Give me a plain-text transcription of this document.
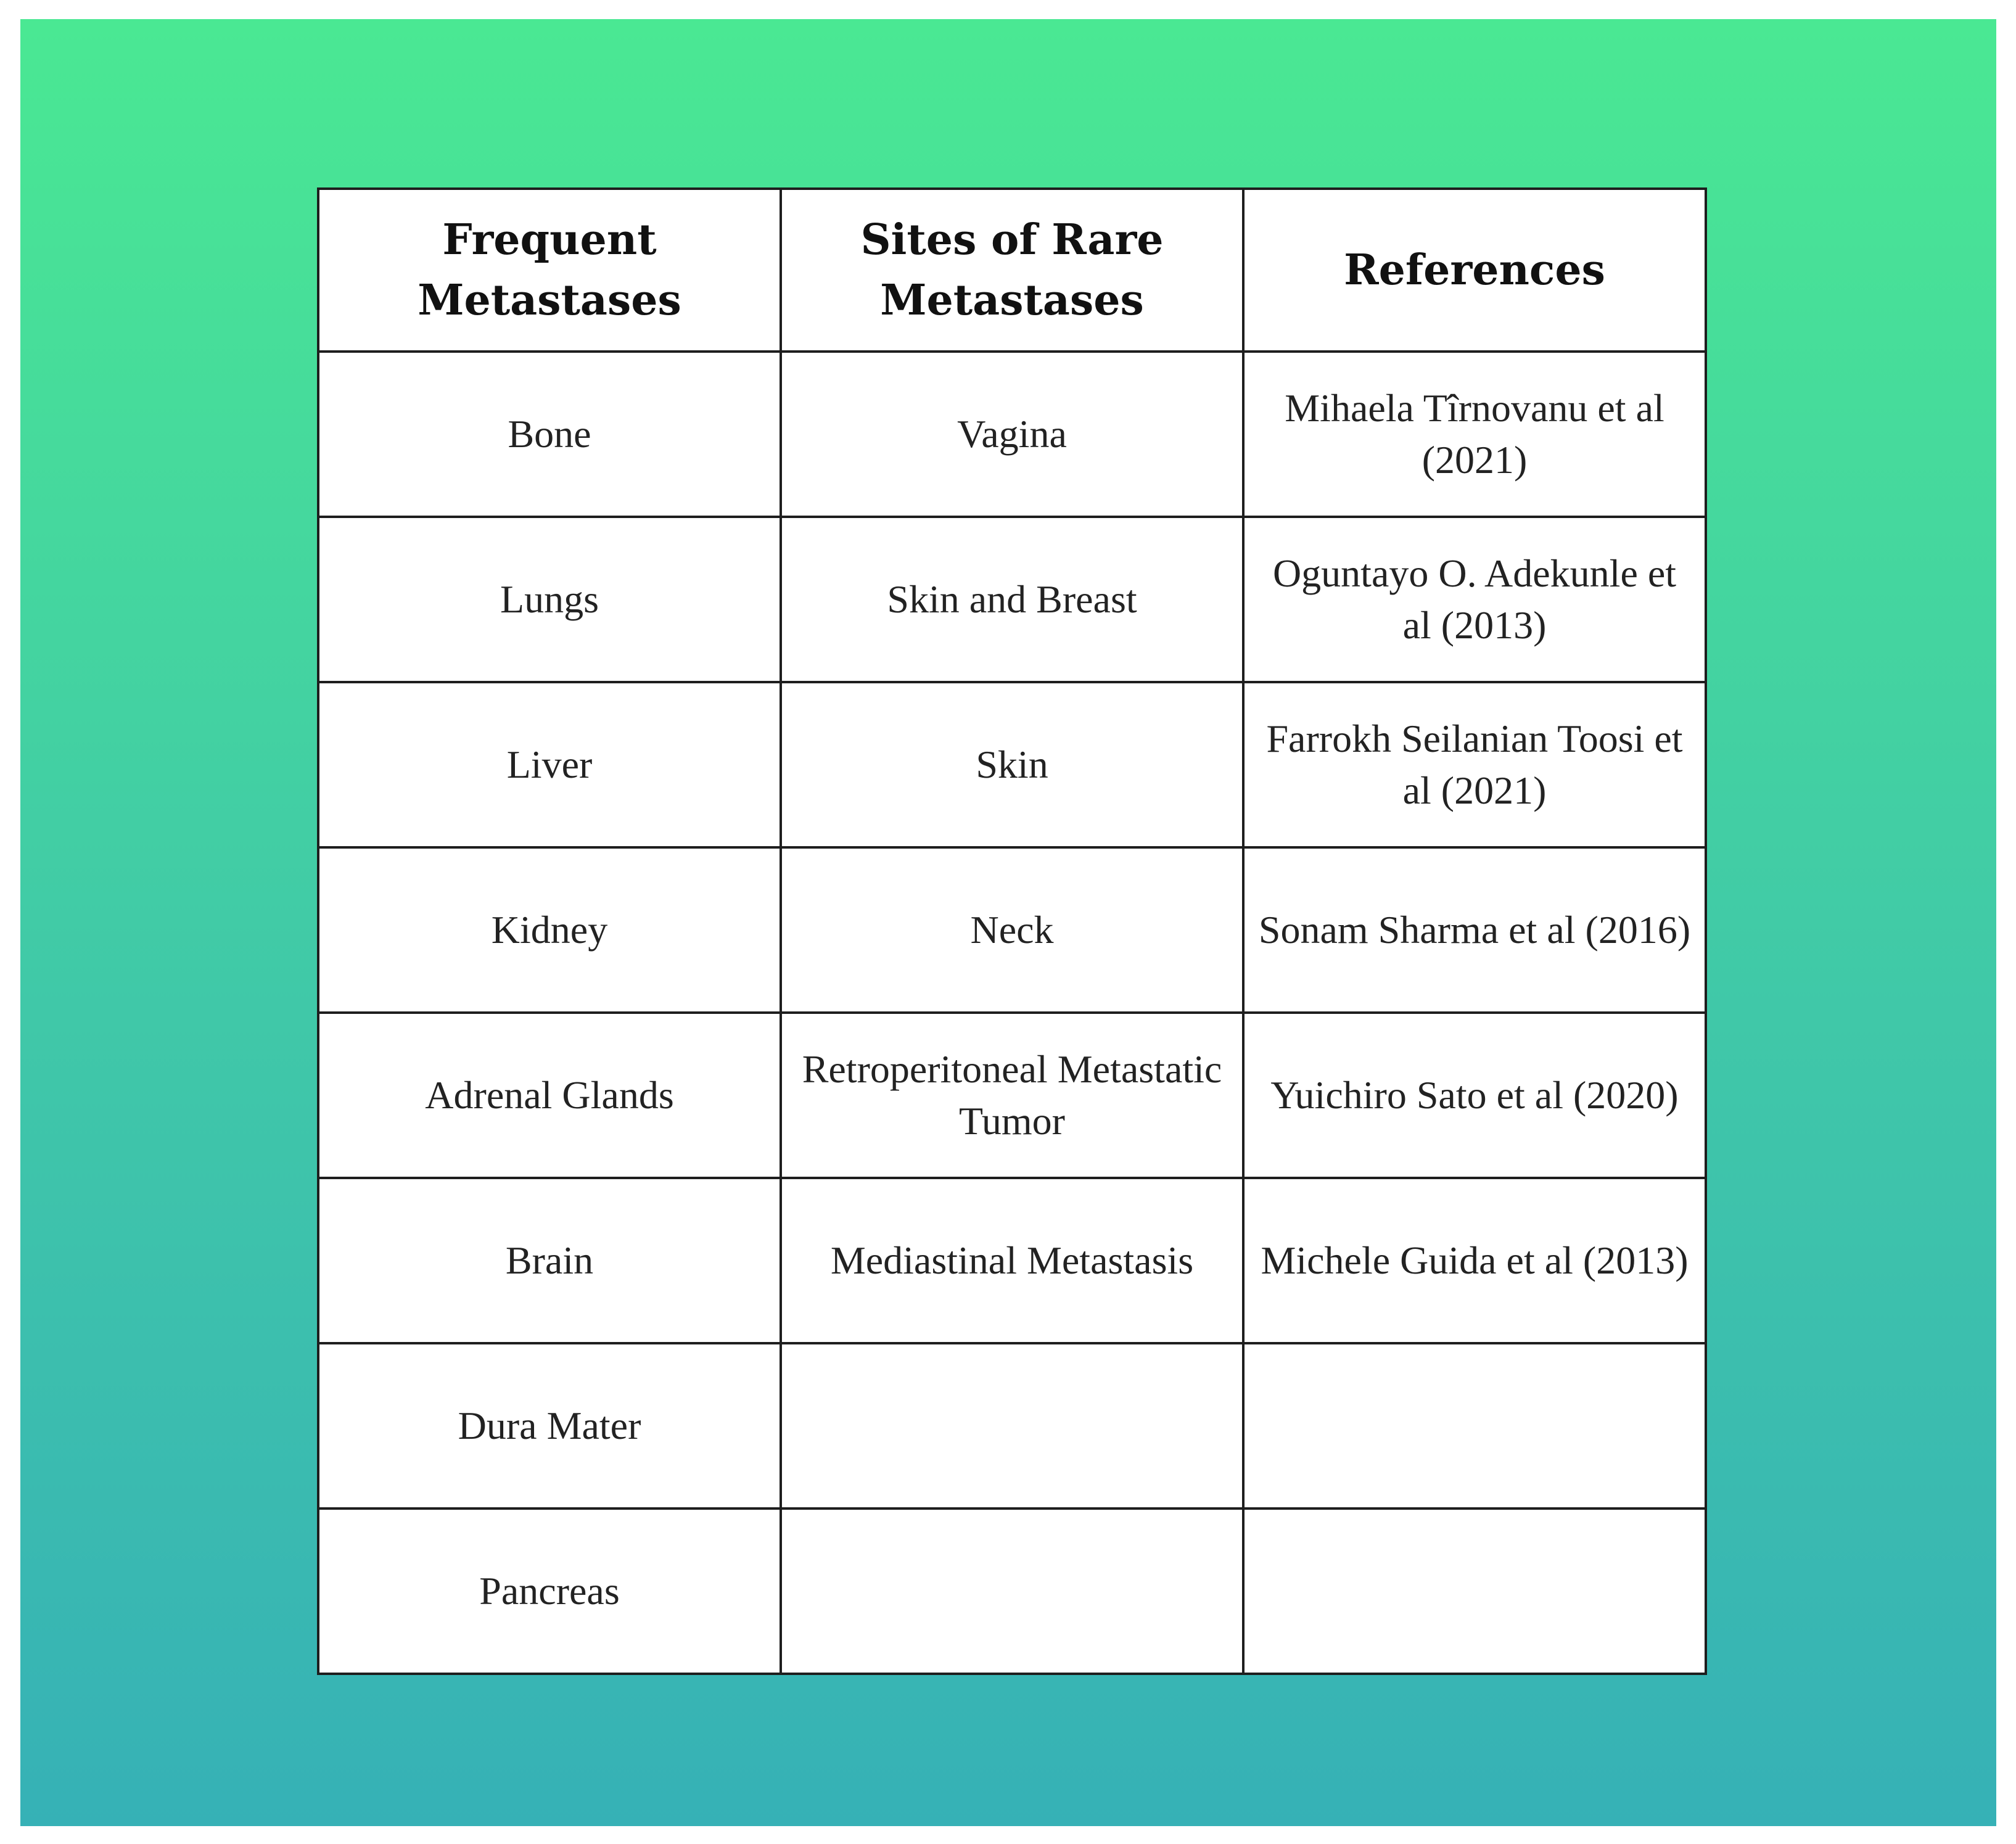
Frequent Metastases	Sites of Rare Metastases	References
Bone	Vagina	Mihaela Tîrnovanu et al (2021)
Lungs	Skin and Breast	Oguntayo O. Adekunle et al (2013)
Liver	Skin	Farrokh Seilanian Toosi et al (2021)
Kidney	Neck	Sonam Sharma et al (2016)
Adrenal Glands	Retroperitoneal Metastatic Tumor	Yuichiro Sato et al (2020)
Brain	Mediastinal Metastasis	Michele Guida et al (2013)
Dura Mater		
Pancreas		
